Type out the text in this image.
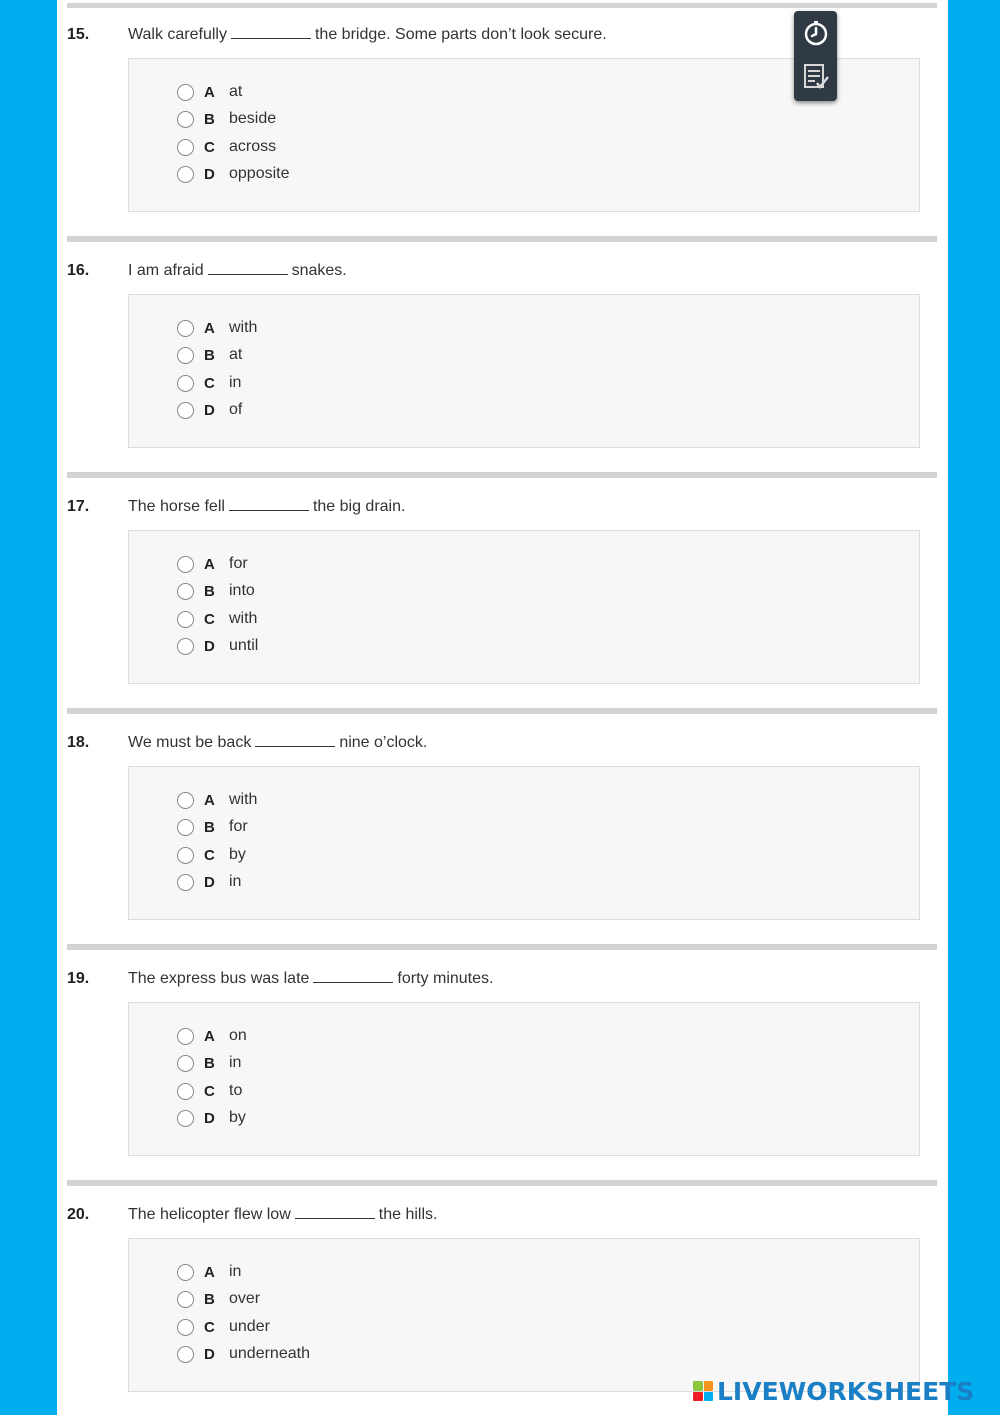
15. Walk carefully	the bridge. Some parts don’t look secure.
A at
B beside
C across
D opposite
16. I am afraid	snakes.
A with
B at
C in
D of
17. The horse fell	the big drain.
A for
B into
C with
D until
18. We must be back	nine o’clock.
A with
B for
C by
D in
19. The express bus was late	forty minutes.
A on
B in
C to
D by
20. The helicopter flew low	the hills.
A in
B over
C under
D underneath
LIVEWORKSHEETS
